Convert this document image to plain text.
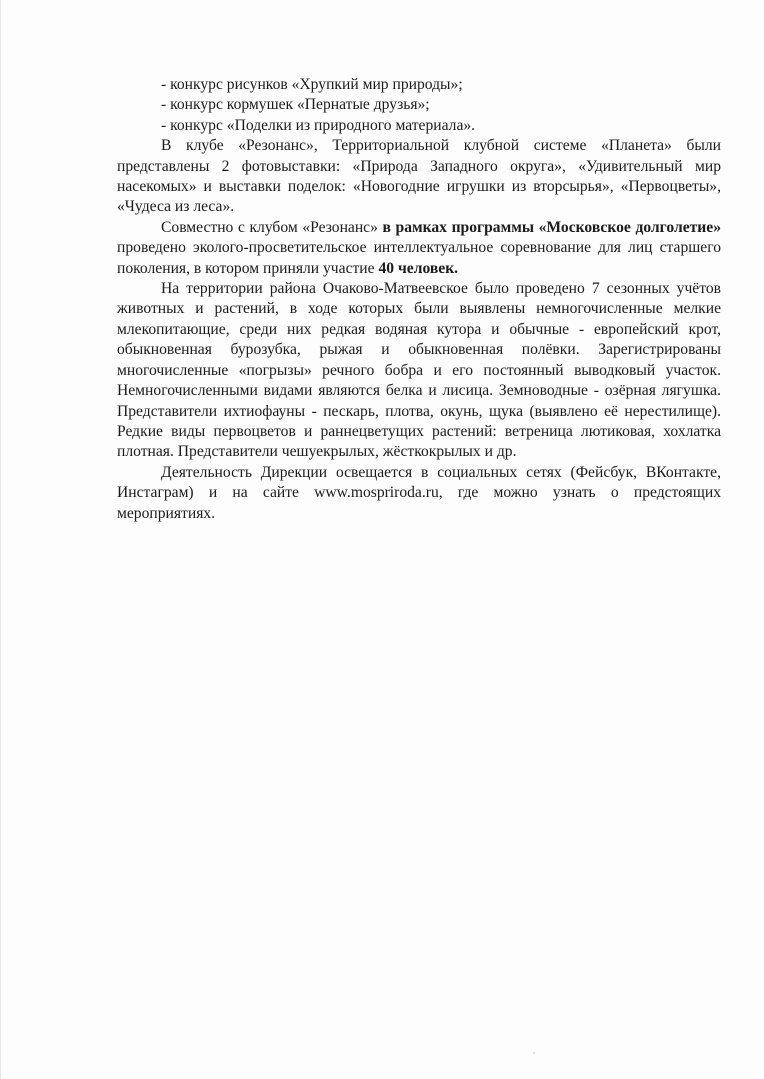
- конкурс рисунков «Хрупкий мир природы»;

- конкурс кормушек «Пернатые друзья»;

- конкурс «Поделки из природного материала».

В клубе «Резонанс», Территориальной клубной системе «Планета» были представлены 2 фотовыставки: «Природа Западного округа», «Удивительный мир насекомых» и выставки поделок: «Новогодние игрушки из вторсырья», «Первоцветы», «Чудеса из леса».

Совместно с клубом «Резонанс» в рамках программы «Московское долголетие» проведено эколого-просветительское интеллектуальное соревнование для лиц старшего поколения, в котором приняли участие 40 человек.

На территории района Очаково-Матвеевское было проведено 7 сезонных учётов животных и растений, в ходе которых были выявлены немногочисленные мелкие млекопитающие, среди них редкая водяная кутора и обычные - европейский крот, обыкновенная бурозубка, рыжая и обыкновенная полёвки. Зарегистрированы многочисленные «погрызы» речного бобра и его постоянный выводковый участок. Немногочисленными видами являются белка и лисица. Земноводные - озёрная лягушка. Представители ихтиофауны - пескарь, плотва, окунь, щука (выявлено её нерестилище). Редкие виды первоцветов и раннецветущих растений: ветреница лютиковая, хохлатка плотная. Представители чешуекрылых, жёсткокрылых и др.

Деятельность Дирекции освещается в социальных сетях (Фейсбук, ВКонтакте, Инстаграм) и на сайте www.mospriroda.ru, где можно узнать о предстоящих мероприятиях.
